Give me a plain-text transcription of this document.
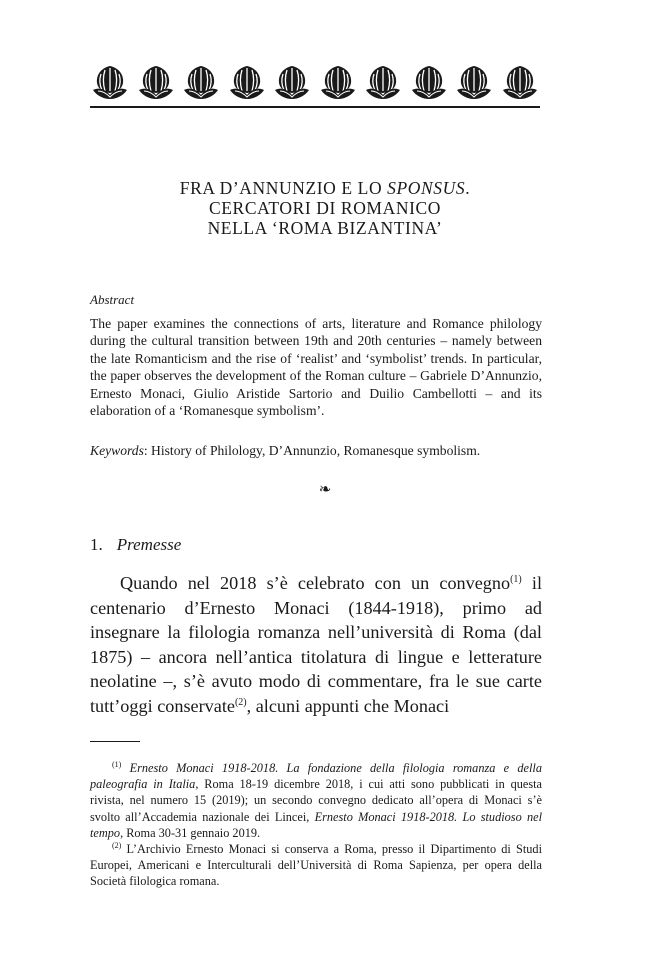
FRA D’ANNUNZIO E LO SPONSUS.
CERCATORI DI ROMANICO
NELLA ‘ROMA BIZANTINA’
Abstract
The paper examines the connections of arts, literature and Romance philology during the cultural transition between 19th and 20th centuries – namely between the late Romanticism and the rise of ‘realist’ and ‘symbolist’ trends. In particular, the paper observes the development of the Roman culture – Gabriele D’Annunzio, Ernesto Monaci, Giulio Aristide Sartorio and Duilio Cambellotti – and its elaboration of a ‘Romanesque symbolism’.
Keywords: History of Philology, D’Annunzio, Romanesque symbolism.
❧
1. Premesse

Quando nel 2018 s’è celebrato con un convegno$^{(1)}$ il centenario d’Ernesto Monaci (1844-1918), primo ad insegnare la filologia romanza nell’università di Roma (dal 1875) – ancora nell’antica titolatura di lingue e letterature neolatine –, s’è avuto modo di commentare, fra le sue carte tutt’oggi conservate$^{(2)}$, alcuni appunti che Monaci

$^{(1)}$ Ernesto Monaci 1918-2018. La fondazione della filologia romanza e della paleografia in Italia, Roma 18-19 dicembre 2018, i cui atti sono pubblicati in questa rivista, nel numero 15 (2019); un secondo convegno dedicato all’opera di Monaci s’è svolto all’Accademia nazionale dei Lincei, Ernesto Monaci 1918-2018. Lo studioso nel tempo, Roma 30-31 gennaio 2019.

$^{(2)}$ L’Archivio Ernesto Monaci si conserva a Roma, presso il Dipartimento di Studi Europei, Americani e Interculturali dell’Università di Roma Sapienza, per opera della Società filologica romana.
